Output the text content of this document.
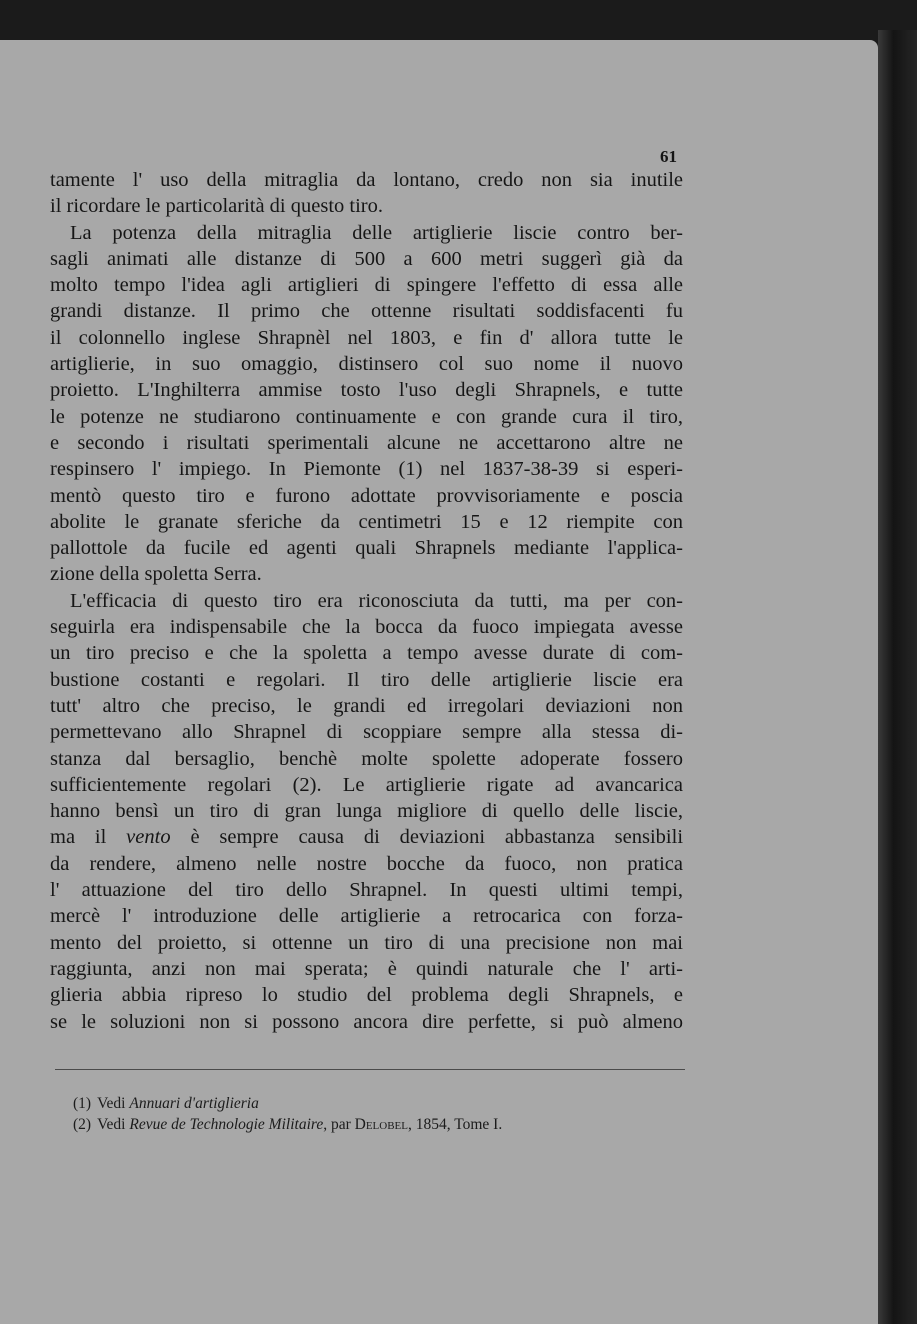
61
tamente l' uso della mitraglia da lontano, credo non sia inutile
il ricordare le particolarità di questo tiro.
La potenza della mitraglia delle artiglierie liscie contro ber-
sagli animati alle distanze di 500 a 600 metri suggerì già da
molto tempo l'idea agli artiglieri di spingere l'effetto di essa alle
grandi distanze. Il primo che ottenne risultati soddisfacenti fu
il colonnello inglese Shrapnèl nel 1803, e fin d' allora tutte le
artiglierie, in suo omaggio, distinsero col suo nome il nuovo
proietto. L'Inghilterra ammise tosto l'uso degli Shrapnels, e tutte
le potenze ne studiarono continuamente e con grande cura il tiro,
e secondo i risultati sperimentali alcune ne accettarono altre ne
respinsero l' impiego. In Piemonte (1) nel 1837-38-39 si esperi-
mentò questo tiro e furono adottate provvisoriamente e poscia
abolite le granate sferiche da centimetri 15 e 12 riempite con
pallottole da fucile ed agenti quali Shrapnels mediante l'applica-
zione della spoletta Serra.
L'efficacia di questo tiro era riconosciuta da tutti, ma per con-
seguirla era indispensabile che la bocca da fuoco impiegata avesse
un tiro preciso e che la spoletta a tempo avesse durate di com-
bustione costanti e regolari. Il tiro delle artiglierie liscie era
tutt' altro che preciso, le grandi ed irregolari deviazioni non
permettevano allo Shrapnel di scoppiare sempre alla stessa di-
stanza dal bersaglio, benchè molte spolette adoperate fossero
sufficientemente regolari (2). Le artiglierie rigate ad avancarica
hanno bensì un tiro di gran lunga migliore di quello delle liscie,
ma il vento è sempre causa di deviazioni abbastanza sensibili
da rendere, almeno nelle nostre bocche da fuoco, non pratica
l' attuazione del tiro dello Shrapnel. In questi ultimi tempi,
mercè l' introduzione delle artiglierie a retrocarica con forza-
mento del proietto, si ottenne un tiro di una precisione non mai
raggiunta, anzi non mai sperata; è quindi naturale che l' arti-
glieria abbia ripreso lo studio del problema degli Shrapnels, e
se le soluzioni non si possono ancora dire perfette, si può almeno
(1) Vedi Annuari d'artiglieria
(2) Vedi Revue de Technologie Militaire, par Delobel, 1854, Tome I.
